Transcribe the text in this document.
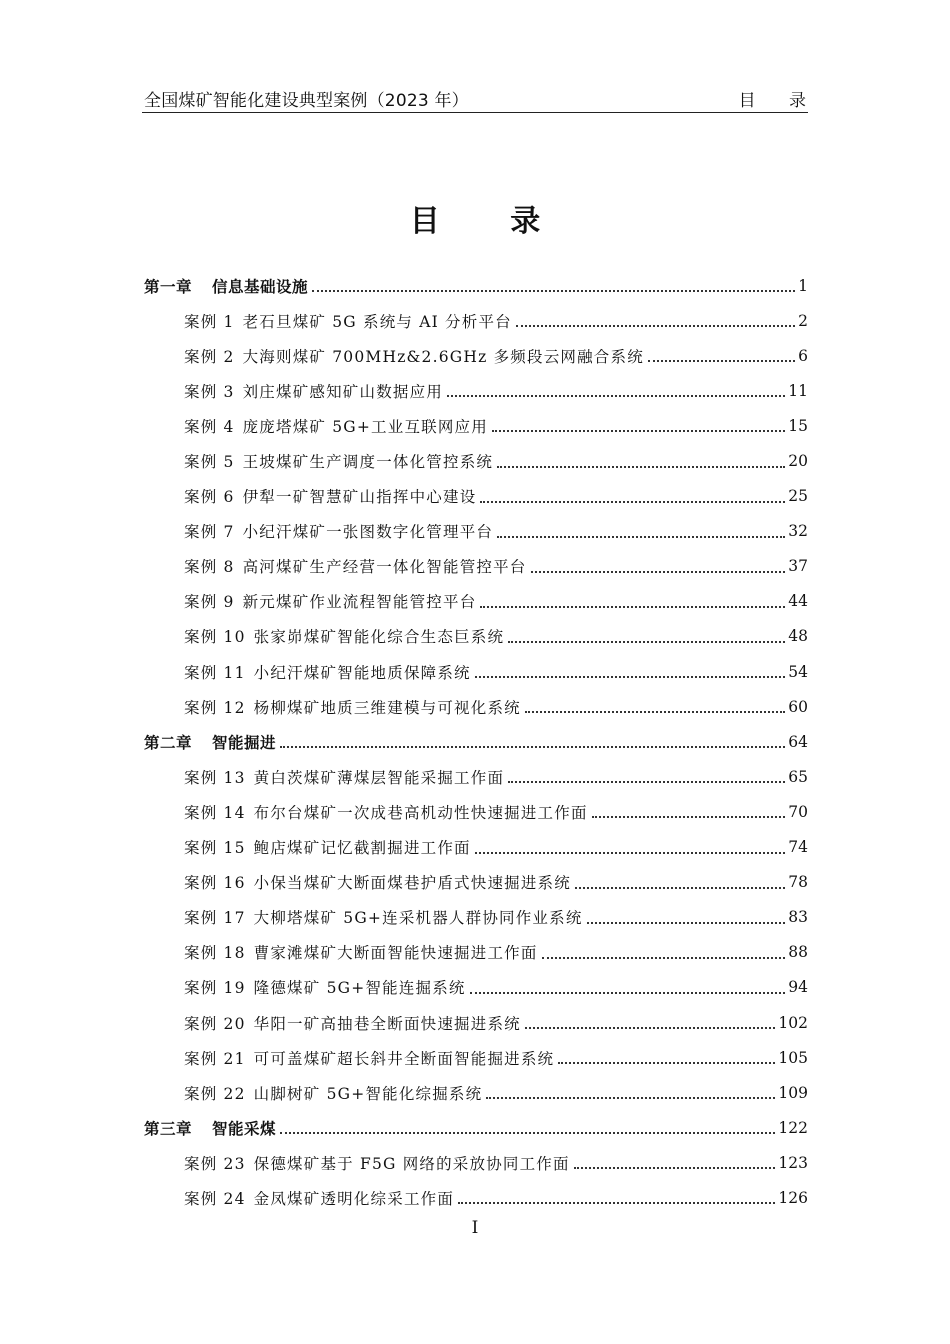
全国煤矿智能化建设典型案例（2023 年）	目 录
目 录
第一章 信息基础设施	1
案例 1 老石旦煤矿 5G 系统与 AI 分析平台	2
案例 2 大海则煤矿 700MHz&2.6GHz 多频段云网融合系统	6
案例 3 刘庄煤矿感知矿山数据应用	11
案例 4 庞庞塔煤矿 5G+工业互联网应用	15
案例 5 王坡煤矿生产调度一体化管控系统	20
案例 6 伊犁一矿智慧矿山指挥中心建设	25
案例 7 小纪汗煤矿一张图数字化管理平台	32
案例 8 高河煤矿生产经营一体化智能管控平台	37
案例 9 新元煤矿作业流程智能管控平台	44
案例 10 张家峁煤矿智能化综合生态巨系统	48
案例 11 小纪汗煤矿智能地质保障系统	54
案例 12 杨柳煤矿地质三维建模与可视化系统	60
第二章 智能掘进	64
案例 13 黄白茨煤矿薄煤层智能采掘工作面	65
案例 14 布尔台煤矿一次成巷高机动性快速掘进工作面	70
案例 15 鲍店煤矿记忆截割掘进工作面	74
案例 16 小保当煤矿大断面煤巷护盾式快速掘进系统	78
案例 17 大柳塔煤矿 5G+连采机器人群协同作业系统	83
案例 18 曹家滩煤矿大断面智能快速掘进工作面	88
案例 19 隆德煤矿 5G+智能连掘系统	94
案例 20 华阳一矿高抽巷全断面快速掘进系统	102
案例 21 可可盖煤矿超长斜井全断面智能掘进系统	105
案例 22 山脚树矿 5G+智能化综掘系统	109
第三章 智能采煤	122
案例 23 保德煤矿基于 F5G 网络的采放协同工作面	123
案例 24 金凤煤矿透明化综采工作面	126
I
